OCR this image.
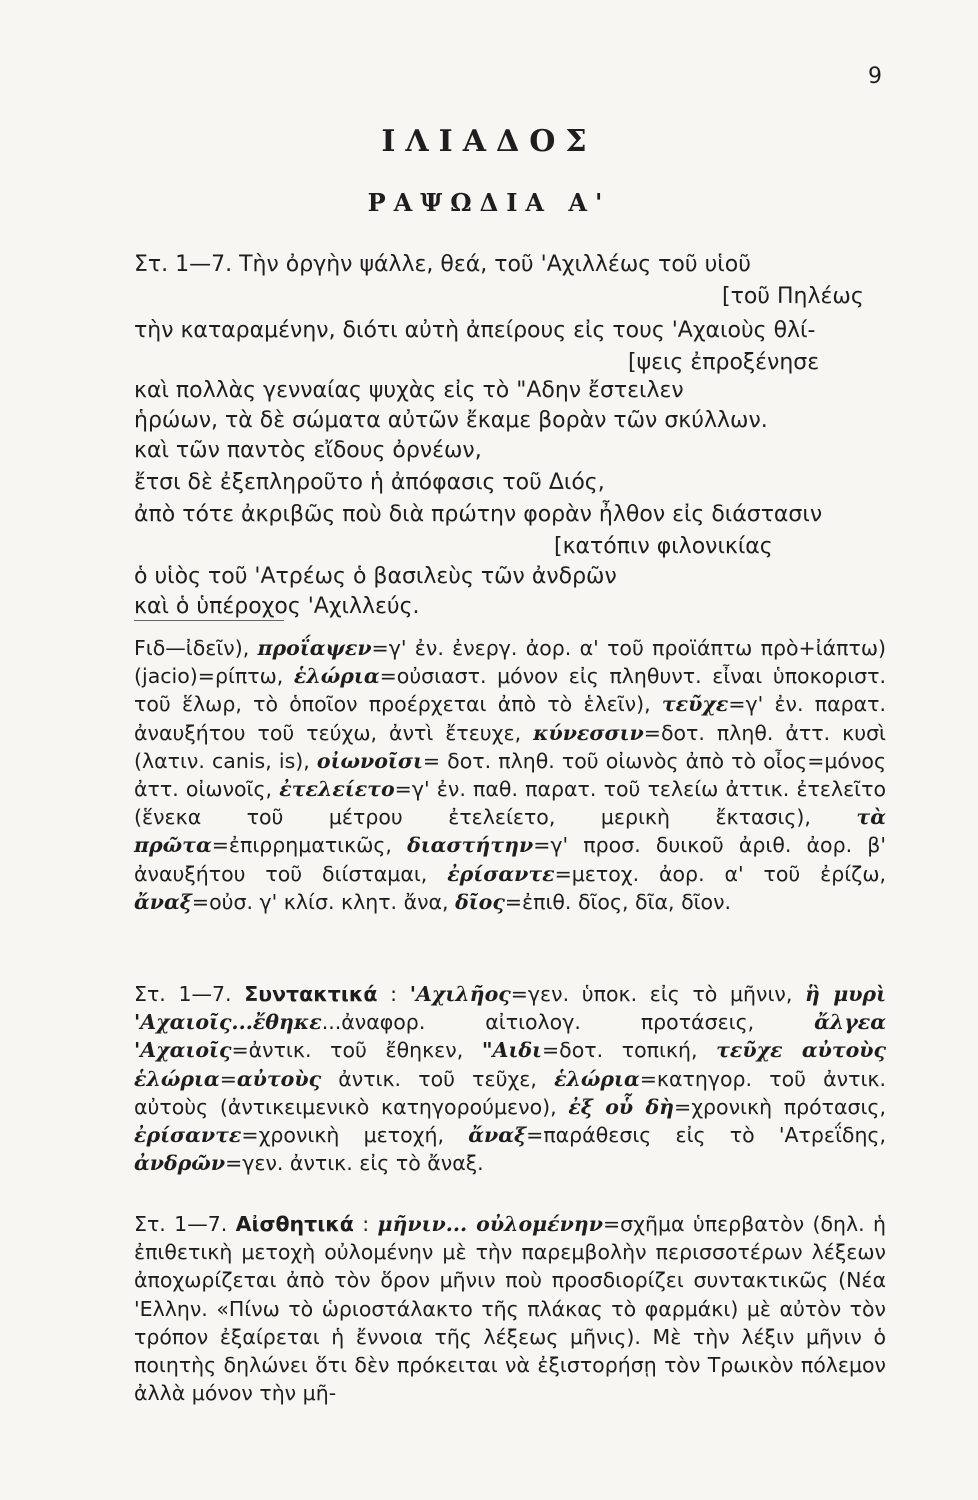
9
ΙΛΙΑΔΟΣ
ΡΑΨΩΔΙΑ Α'
Στ. 1—7. Τὴν ὀργὴν ψάλλε, θεά, τοῦ 'Αχιλλέως τοῦ υἱοῦ
[τοῦ Πηλέως
τὴν καταραμένην, διότι αὐτὴ ἀπείρους εἰς τους 'Αχαιοὺς θλί-
[ψεις ἐπροξένησε
καὶ πολλὰς γενναίας ψυχὰς εἰς τὸ "Αδην ἔστειλεν
ἡρώων, τὰ δὲ σώματα αὐτῶν ἔκαμε βορὰν τῶν σκύλλων.
καὶ τῶν παντὸς εἴδους ὀρνέων,
ἔτσι δὲ ἐξεπληροῦτο ἡ ἀπόφασις τοῦ Διός,
ἀπὸ τότε ἀκριβῶς ποὺ διὰ πρώτην φορὰν ἦλθον εἰς διάστασιν
[κατόπιν φιλονικίας
ὁ υἱὸς τοῦ 'Ατρέως ὁ βασιλεὺς τῶν ἀνδρῶν
καὶ ὁ ὑπέροχος 'Αχιλλεύς.
Fιδ—ἰδεῖν), προΐαψεν=γ' ἐν. ἐνεργ. ἀορ. α' τοῦ προϊάπτω πρὸ+ἰάπτω) (jacio)=ρίπτω, ἑλώρια=οὐσιαστ. μόνον εἰς πληθυντ. εἶναι ὑποκοριστ. τοῦ ἕλωρ, τὸ ὁποῖον προέρχεται ἀπὸ τὸ ἑλεῖν), τεῦχε=γ' ἐν. παρατ. ἀναυξήτου τοῦ τεύχω, ἀντὶ ἔτευχε, κύνεσσιν=δοτ. πληθ. ἀττ. κυσὶ (λατιν. canis, is), οἰωνοῖσι= δοτ. πληθ. τοῦ οἰωνὸς ἀπὸ τὸ οἶος=μόνος ἀττ. οἰωνοῖς, ἐτελείετο=γ' ἐν. παθ. παρατ. τοῦ τελείω ἀττικ. ἐτελεῖτο (ἕνεκα τοῦ μέτρου ἐτελείετο, μερικὴ ἔκτασις), τὰ πρῶτα=ἐπιρρηματικῶς, διαστήτην=γ' προσ. δυικοῦ ἀριθ. ἀορ. β' ἀναυξήτου τοῦ διίσταμαι, ἐρίσαντε=μετοχ. ἀορ. α' τοῦ ἐρίζω, ἄναξ=οὐσ. γ' κλίσ. κλητ. ἄνα, δῖος=ἐπιθ. δῖος, δῖα, δῖον.
Στ. 1—7. Συντακτικά : 'Αχιλῆος=γεν. ὑποκ. εἰς τὸ μῆνιν, ἣ μυρὶ 'Αχαιοῖς...ἔθηκε...ἀναφορ. αἰτιολογ. προτάσεις, ἄλγεα 'Αχαιοῖς=ἀντικ. τοῦ ἔθηκεν, "Αιδι=δοτ. τοπική, τεῦχε αὐτοὺς ἑλώρια=αὐτοὺς ἀντικ. τοῦ τεῦχε, ἑλώρια=κατηγορ. τοῦ ἀντικ. αὐτοὺς (ἀντικειμενικὸ κατηγορούμενο), ἐξ οὗ δὴ=χρονικὴ πρότασις, ἐρίσαντε=χρονικὴ μετοχή, ἄναξ=παράθεσις εἰς τὸ 'Ατρεΐδης, ἀνδρῶν=γεν. ἀντικ. εἰς τὸ ἄναξ.
Στ. 1—7. Αἰσθητικά : μῆνιν... οὐλομένην=σχῆμα ὑπερβατὸν (δηλ. ἡ ἐπιθετικὴ μετοχὴ οὐλομένην μὲ τὴν παρεμβολὴν περισσοτέρων λέξεων ἀποχωρίζεται ἀπὸ τὸν ὅρον μῆνιν ποὺ προσδιορίζει συντακτικῶς (Νέα 'Ελλην. «Πίνω τὸ ὡριοστάλακτο τῆς πλάκας τὸ φαρμάκι) μὲ αὐτὸν τὸν τρόπον ἐξαίρεται ἡ ἔννοια τῆς λέξεως μῆνις). Μὲ τὴν λέξιν μῆνιν ὁ ποιητὴς δηλώνει ὅτι δὲν πρόκειται νὰ ἐξιστορήσῃ τὸν Τρωικὸν πόλεμον ἀλλὰ μόνον τὴν μῆ-
